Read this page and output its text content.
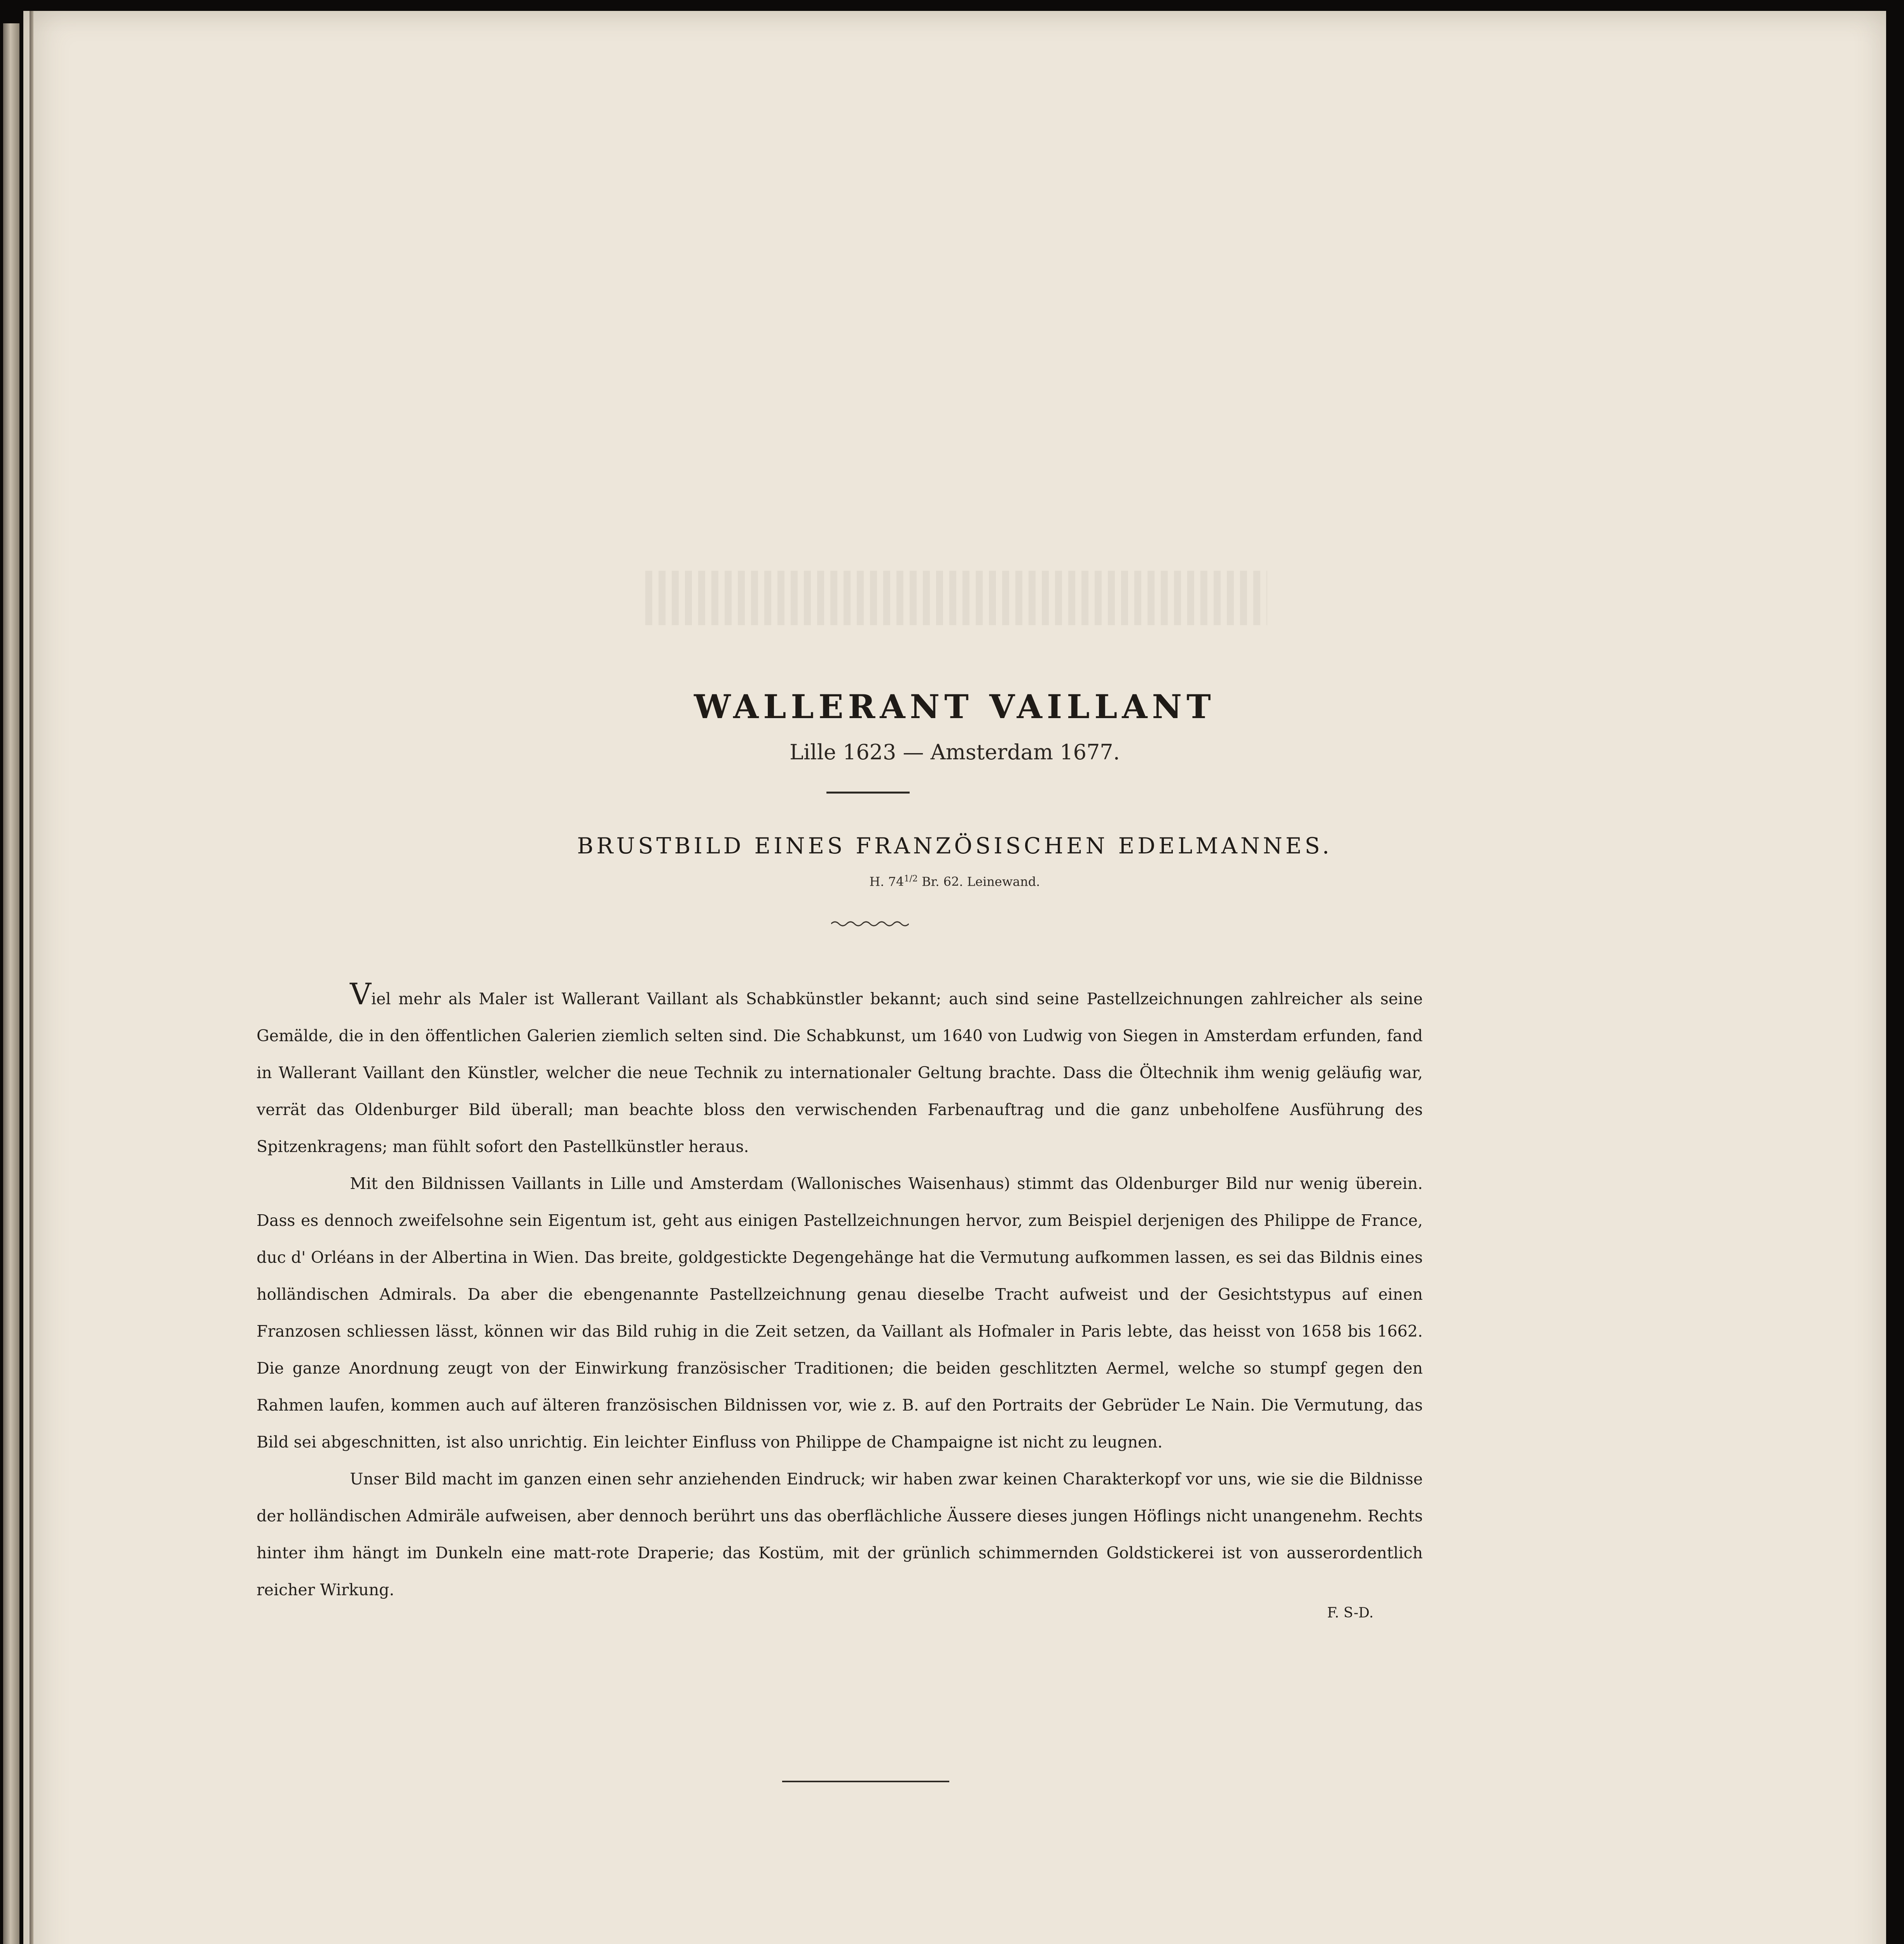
WALLERANT VAILLANT
Lille 1623 — Amsterdam 1677.
BRUSTBILD EINES FRANZÖSISCHEN EDELMANNES.
H. $74^{1/2}$ Br. 62. Leinewand.

Viel mehr als Maler ist Wallerant Vaillant als Schabkünstler bekannt; auch sind seine Pastellzeichnungen zahlreicher als seine Gemälde, die in den öffentlichen Galerien ziemlich selten sind. Die Schabkunst, um 1640 von Ludwig von Siegen in Amsterdam erfunden, fand in Wallerant Vaillant den Künstler, welcher die neue Technik zu internationaler Geltung brachte. Dass die Öltechnik ihm wenig geläufig war, verrät das Oldenburger Bild überall; man beachte bloss den verwischenden Farbenauftrag und die ganz unbeholfene Ausführung des Spitzenkragens; man fühlt sofort den Pastellkünstler heraus.

Mit den Bildnissen Vaillants in Lille und Amsterdam (Wallonisches Waisenhaus) stimmt das Oldenburger Bild nur wenig überein. Dass es dennoch zweifelsohne sein Eigentum ist, geht aus einigen Pastellzeichnungen hervor, zum Beispiel derjenigen des Philippe de France, duc d' Orléans in der Albertina in Wien. Das breite, goldgestickte Degengehänge hat die Vermutung aufkommen lassen, es sei das Bildnis eines holländischen Admirals. Da aber die ebengenannte Pastellzeichnung genau dieselbe Tracht aufweist und der Gesichtstypus auf einen Franzosen schliessen lässt, können wir das Bild ruhig in die Zeit setzen, da Vaillant als Hofmaler in Paris lebte, das heisst von 1658 bis 1662. Die ganze Anordnung zeugt von der Einwirkung französischer Traditionen; die beiden geschlitzten Aermel, welche so stumpf gegen den Rahmen laufen, kommen auch auf älteren französischen Bildnissen vor, wie z. B. auf den Portraits der Gebrüder Le Nain. Die Vermutung, das Bild sei abgeschnitten, ist also unrichtig. Ein leichter Einfluss von Philippe de Champaigne ist nicht zu leugnen.

Unser Bild macht im ganzen einen sehr anziehenden Eindruck; wir haben zwar keinen Charakterkopf vor uns, wie sie die Bildnisse der holländischen Admiräle aufweisen, aber dennoch berührt uns das oberflächliche Äussere dieses jungen Höflings nicht unangenehm. Rechts hinter ihm hängt im Dunkeln eine matt-rote Draperie; das Kostüm, mit der grünlich schimmernden Goldstickerei ist von ausserordentlich reicher Wirkung.

F. S-D.
